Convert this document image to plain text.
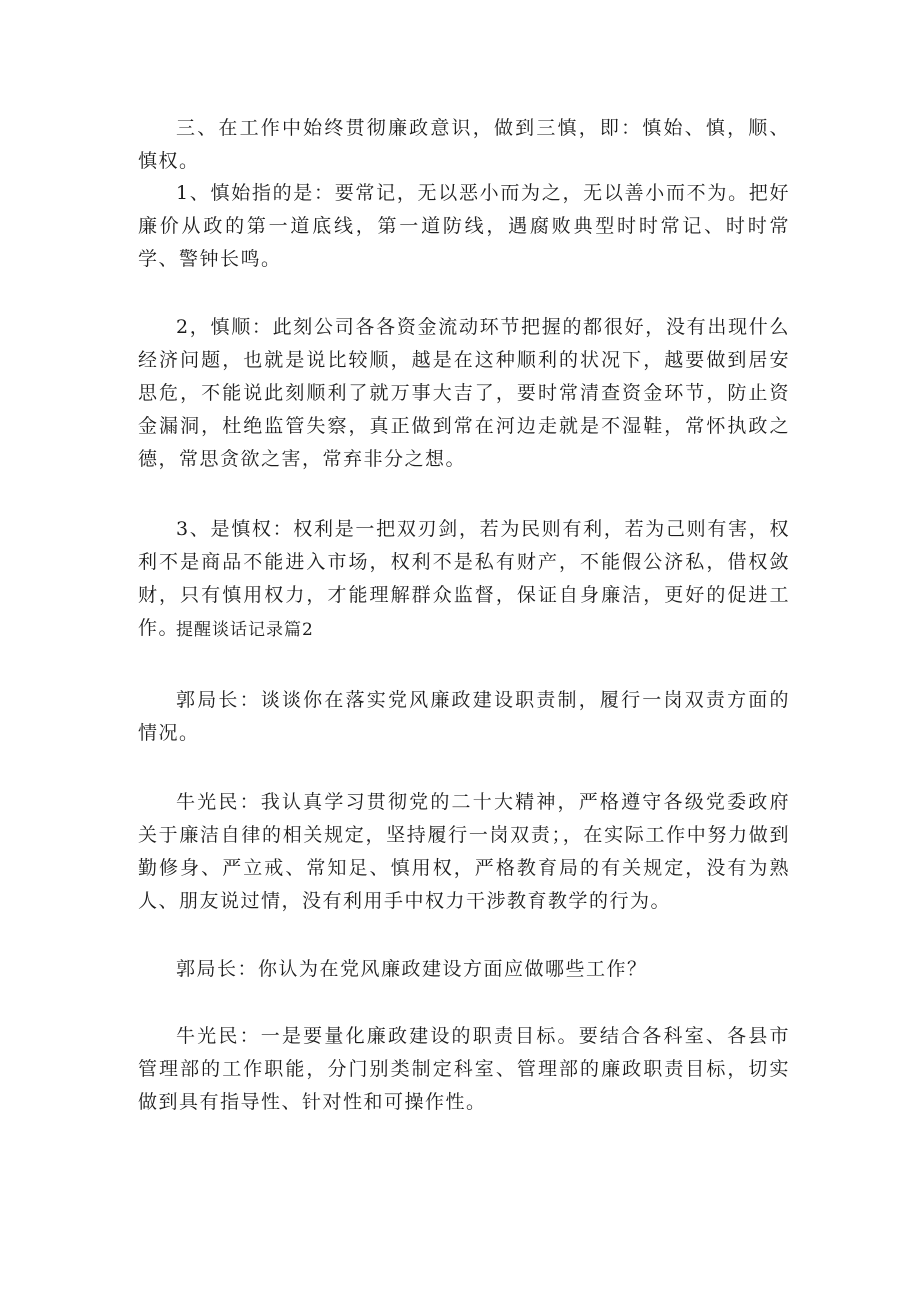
三、在工作中始终贯彻廉政意识，做到三慎，即：慎始、慎，顺、慎权。

1、慎始指的是：要常记，无以恶小而为之，无以善小而不为。把好廉价从政的第一道底线，第一道防线，遇腐败典型时时常记、时时常学、警钟长鸣。

2，慎顺：此刻公司各各资金流动环节把握的都很好，没有出现什么经济问题，也就是说比较顺，越是在这种顺利的状况下，越要做到居安思危，不能说此刻顺利了就万事大吉了，要时常清查资金环节，防止资金漏洞，杜绝监管失察，真正做到常在河边走就是不湿鞋，常怀执政之德，常思贪欲之害，常弃非分之想。

3、是慎权：权利是一把双刃剑，若为民则有利，若为己则有害，权利不是商品不能进入市场，权利不是私有财产，不能假公济私，借权敛财，只有慎用权力，才能理解群众监督，保证自身廉洁，更好的促进工作。

提醒谈话记录篇2

郭局长：谈谈你在落实党风廉政建设职责制，履行一岗双责方面的情况。

牛光民：我认真学习贯彻党的二十大精神，严格遵守各级党委政府关于廉洁自律的相关规定，坚持履行一岗双责；，在实际工作中努力做到勤修身、严立戒、常知足、慎用权，严格教育局的有关规定，没有为熟人、朋友说过情，没有利用手中权力干涉教育教学的行为。

郭局长：你认为在党风廉政建设方面应做哪些工作？

牛光民：一是要量化廉政建设的职责目标。要结合各科室、各县市管理部的工作职能，分门别类制定科室、管理部的廉政职责目标，切实做到具有指导性、针对性和可操作性。
